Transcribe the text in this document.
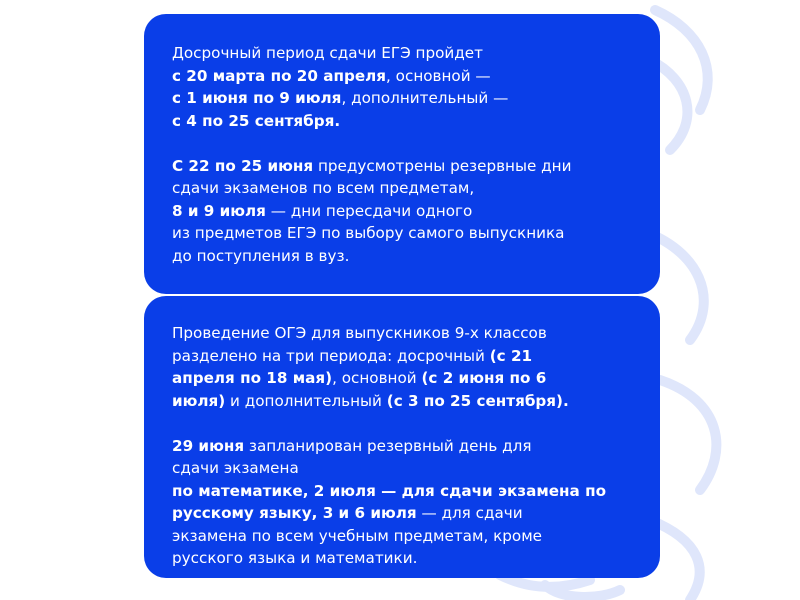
Досрочный период сдачи ЕГЭ пройдет
с 20 марта по 20 апреля, основной —
с 1 июня по 9 июля, дополнительный —
с 4 по 25 сентября.

С 22 по 25 июня предусмотрены резервные дни
сдачи экзаменов по всем предметам,
8 и 9 июля — дни пересдачи одного
из предметов ЕГЭ по выбору самого выпускника
до поступления в вуз.

Проведение ОГЭ для выпускников 9-х классов
разделено на три периода: досрочный (с 21
апреля по 18 мая), основной (с 2 июня по 6
июля) и дополнительный (с 3 по 25 сентября).

29 июня запланирован резервный день для
сдачи экзамена
по математике, 2 июля — для сдачи экзамена по
русскому языку, 3 и 6 июля — для сдачи
экзамена по всем учебным предметам, кроме
русского языка и математики.
